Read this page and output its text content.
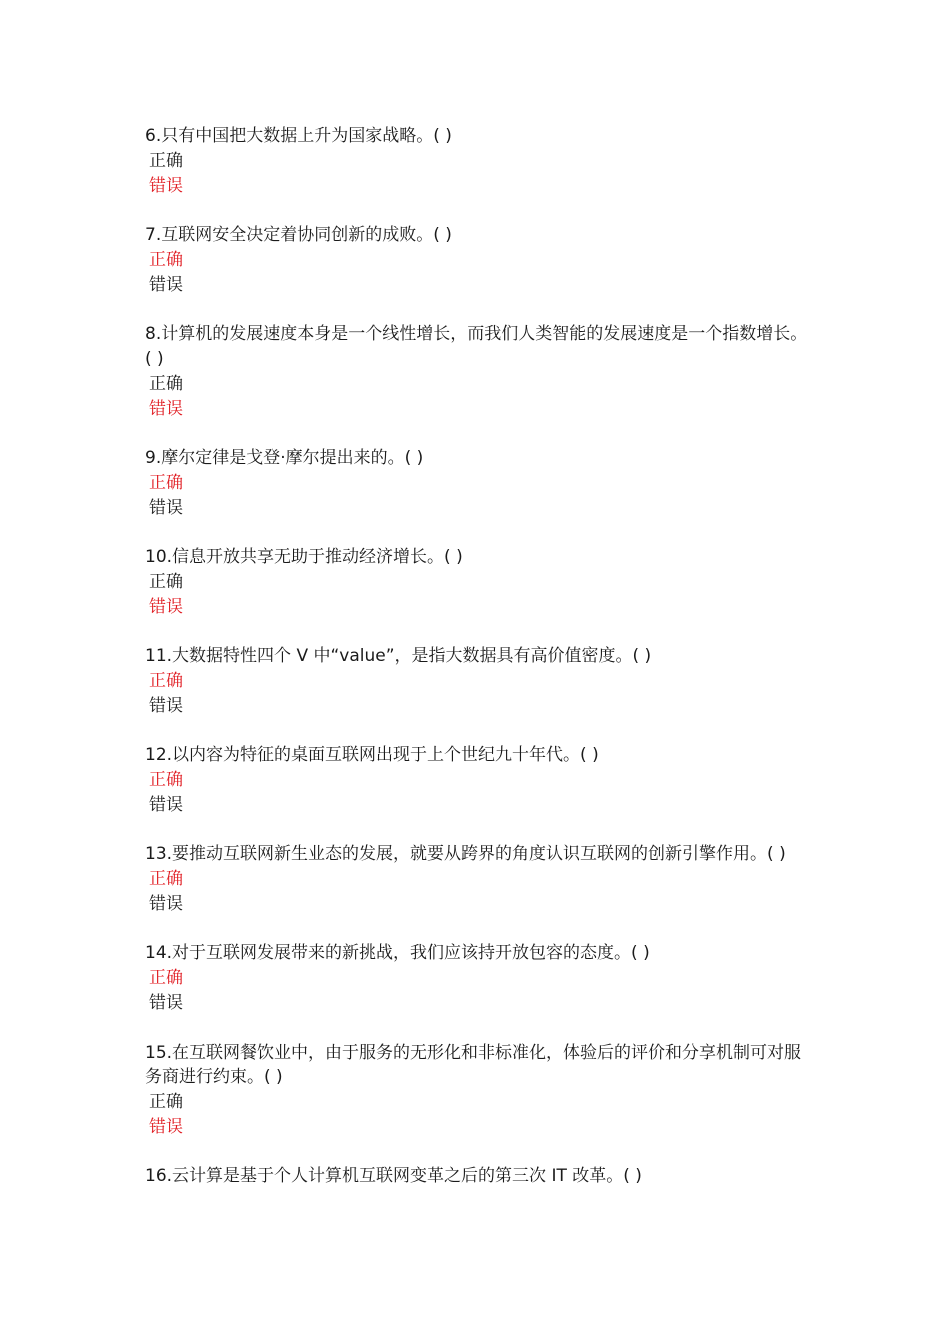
6.只有中国把大数据上升为国家战略。( )

正确

错误

7.互联网安全决定着协同创新的成败。( )

正确

错误

8.计算机的发展速度本身是一个线性增长，而我们人类智能的发展速度是一个指数增长。( )

正确

错误

9.摩尔定律是戈登·摩尔提出来的。( )

正确

错误

10.信息开放共享无助于推动经济增长。( )

正确

错误

11.大数据特性四个 V 中“value”，是指大数据具有高价值密度。( )

正确

错误

12.以内容为特征的桌面互联网出现于上个世纪九十年代。( )

正确

错误

13.要推动互联网新生业态的发展，就要从跨界的角度认识互联网的创新引擎作用。( )

正确

错误

14.对于互联网发展带来的新挑战，我们应该持开放包容的态度。( )

正确

错误

15.在互联网餐饮业中，由于服务的无形化和非标准化，体验后的评价和分享机制可对服务商进行约束。( )

正确

错误

16.云计算是基于个人计算机互联网变革之后的第三次 IT 改革。( )
